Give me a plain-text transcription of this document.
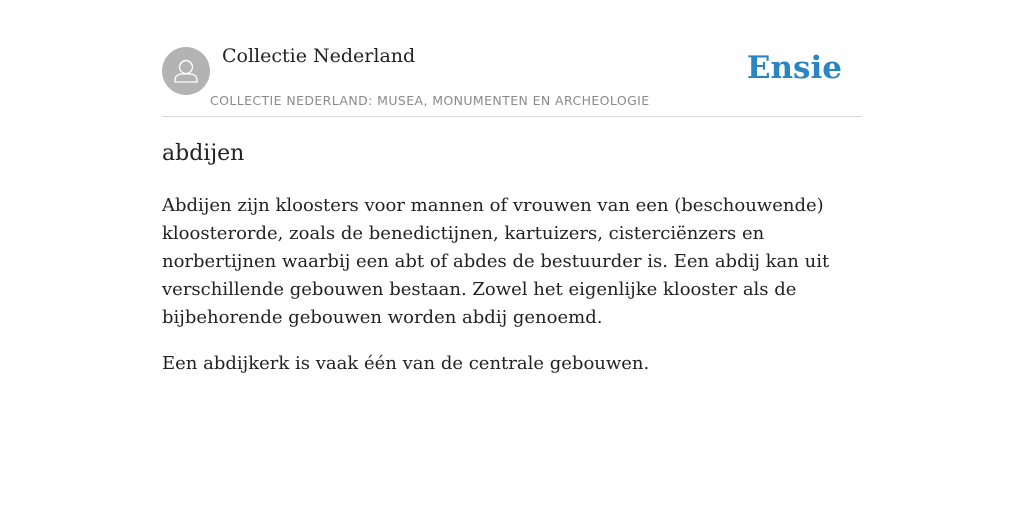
Collectie Nederland
COLLECTIE NEDERLAND: MUSEA, MONUMENTEN EN ARCHEOLOGIE
Ensie
abdijen

Abdijen zijn kloosters voor mannen of vrouwen van een (beschouwende) kloosterorde, zoals de benedictijnen, kartuizers, cisterciënzers en norbertijnen waarbij een abt of abdes de bestuurder is. Een abdij kan uit verschillende gebouwen bestaan. Zowel het eigenlijke klooster als de bijbehorende gebouwen worden abdij genoemd.

Een abdijkerk is vaak één van de centrale gebouwen.
